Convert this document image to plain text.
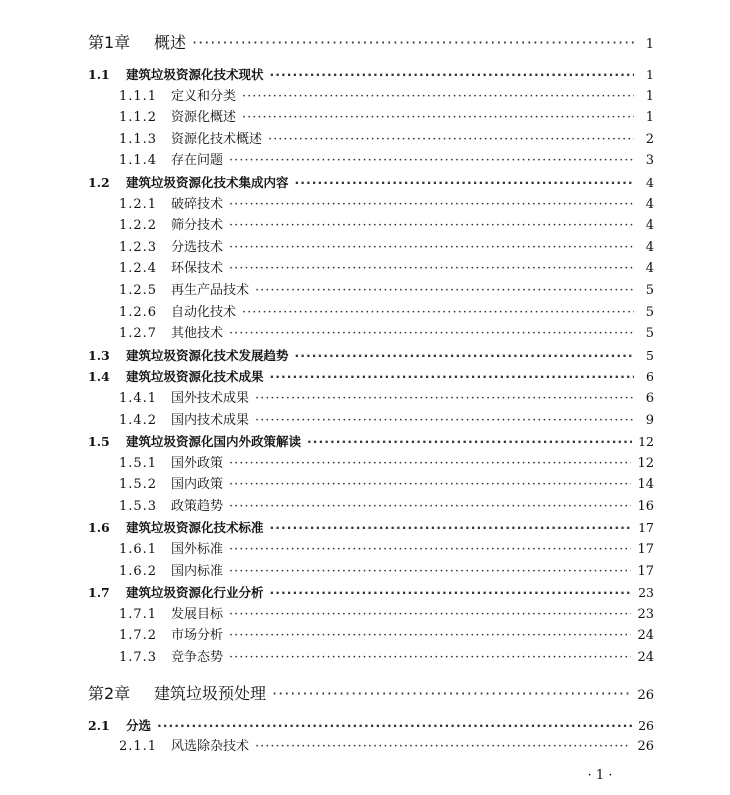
第1章	概述 ·····	1
1.1	建筑垃圾资源化技术现状 ·····	1
1.1.1	定义和分类 ·····	1
1.1.2	资源化概述 ·····	1
1.1.3	资源化技术概述 ·····	2
1.1.4	存在问题 ·····	3
1.2	建筑垃圾资源化技术集成内容 ·····	4
1.2.1	破碎技术 ·····	4
1.2.2	筛分技术 ·····	4
1.2.3	分选技术 ·····	4
1.2.4	环保技术 ·····	4
1.2.5	再生产品技术 ·····	5
1.2.6	自动化技术 ·····	5
1.2.7	其他技术 ·····	5
1.3	建筑垃圾资源化技术发展趋势 ·····	5
1.4	建筑垃圾资源化技术成果 ·····	6
1.4.1	国外技术成果 ·····	6
1.4.2	国内技术成果 ·····	9
1.5	建筑垃圾资源化国内外政策解读 ·····	12
1.5.1	国外政策 ·····	12
1.5.2	国内政策 ·····	14
1.5.3	政策趋势 ·····	16
1.6	建筑垃圾资源化技术标准 ·····	17
1.6.1	国外标准 ·····	17
1.6.2	国内标准 ·····	17
1.7	建筑垃圾资源化行业分析 ·····	23
1.7.1	发展目标 ·····	23
1.7.2	市场分析 ·····	24
1.7.3	竞争态势 ·····	24
第2章	建筑垃圾预处理 ·····	26
2.1	分选 ·····	26
2.1.1	风选除杂技术 ·····	26
· 1 ·
